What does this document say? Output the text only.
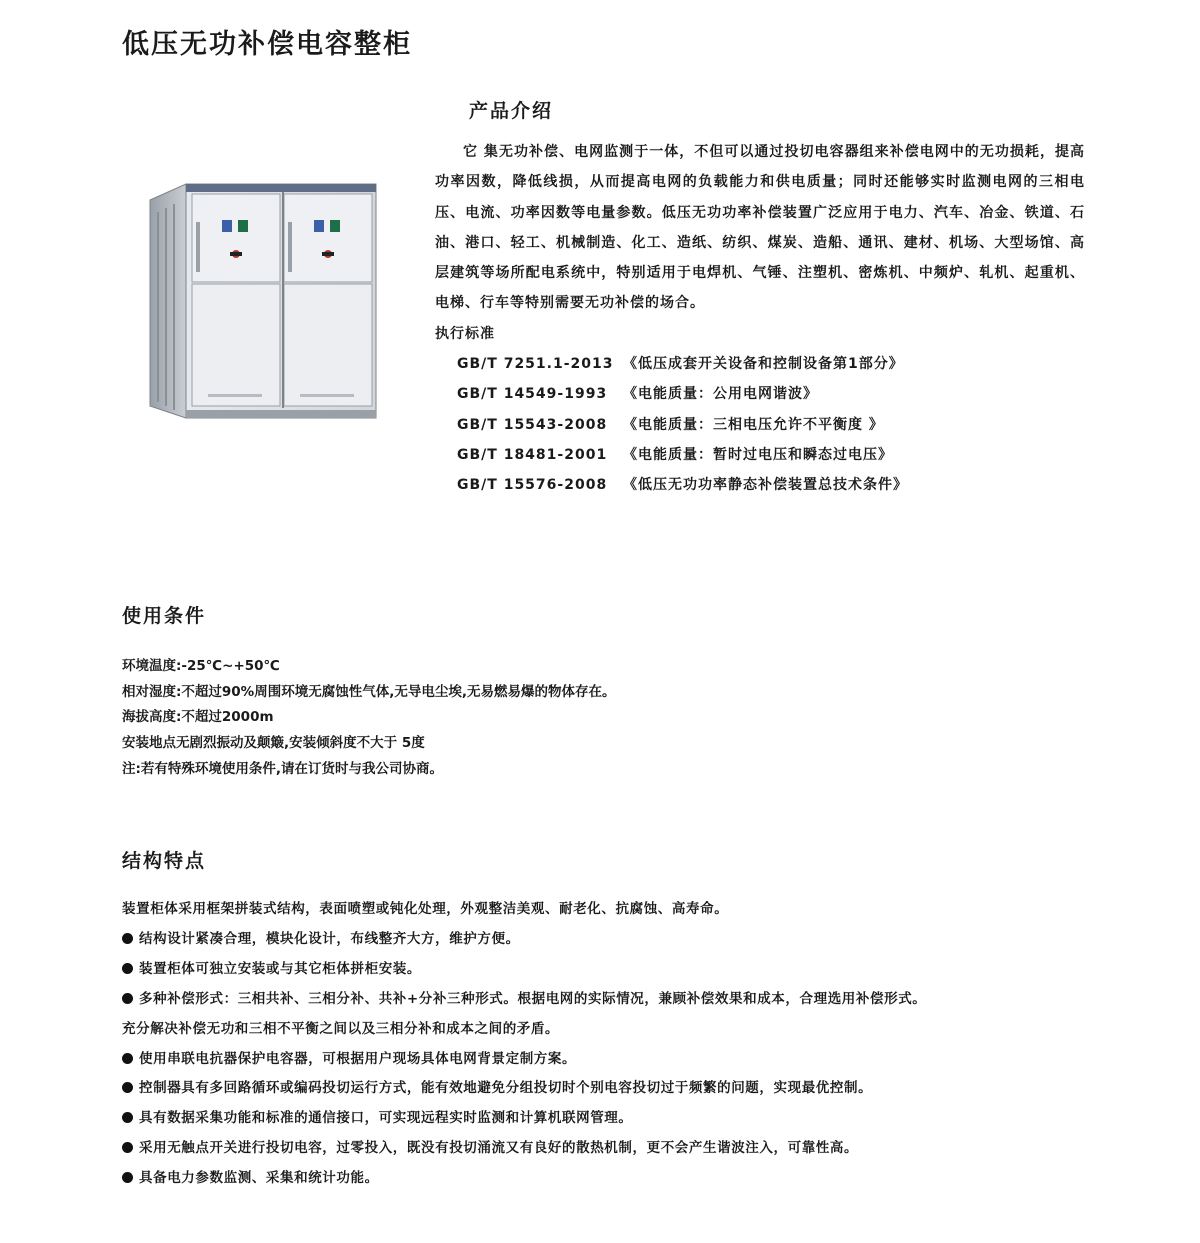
低压无功补偿电容整柜
产品介绍

它 集无功补偿、电网监测于一体，不但可以通过投切电容器组来补偿电网中的无功损耗，提高功率因数，降低线损，从而提高电网的负载能力和供电质量；同时还能够实时监测电网的三相电压、电流、功率因数等电量参数。低压无功功率补偿装置广泛应用于电力、汽车、冶金、铁道、石油、港口、轻工、机械制造、化工、造纸、纺织、煤炭、造船、通讯、建材、机场、大型场馆、高层建筑等场所配电系统中，特别适用于电焊机、气锤、注塑机、密炼机、中频炉、轧机、起重机、电梯、行车等特别需要无功补偿的场合。

执行标准

GB/T 7251.1-2013 《低压成套开关设备和控制设备第1部分》
GB/T 14549-1993 《电能质量：公用电网谐波》
GB/T 15543-2008 《电能质量：三相电压允许不平衡度 》
GB/T 18481-2001 《电能质量：暂时过电压和瞬态过电压》
GB/T 15576-2008 《低压无功功率静态补偿装置总技术条件》
使用条件
环境温度:-25℃~+50℃
相对湿度:不超过90%周围环境无腐蚀性气体,无导电尘埃,无易燃易爆的物体存在。
海拔高度:不超过2000m
安装地点无剧烈振动及颠簸,安装倾斜度不大于 5度
注:若有特殊环境使用条件,请在订货时与我公司协商。
结构特点
装置柜体采用框架拼装式结构，表面喷塑或钝化处理，外观整洁美观、耐老化、抗腐蚀、高寿命。
结构设计紧凑合理，模块化设计，布线整齐大方，维护方便。
装置柜体可独立安装或与其它柜体拼柜安装。
多种补偿形式：三相共补、三相分补、共补+分补三种形式。根据电网的实际情况，兼顾补偿效果和成本，合理选用补偿形式。
充分解决补偿无功和三相不平衡之间以及三相分补和成本之间的矛盾。
使用串联电抗器保护电容器，可根据用户现场具体电网背景定制方案。
控制器具有多回路循环或编码投切运行方式，能有效地避免分组投切时个别电容投切过于频繁的问题，实现最优控制。
具有数据采集功能和标准的通信接口，可实现远程实时监测和计算机联网管理。
采用无触点开关进行投切电容，过零投入，既没有投切涌流又有良好的散热机制，更不会产生谐波注入，可靠性高。
具备电力参数监测、采集和统计功能。
